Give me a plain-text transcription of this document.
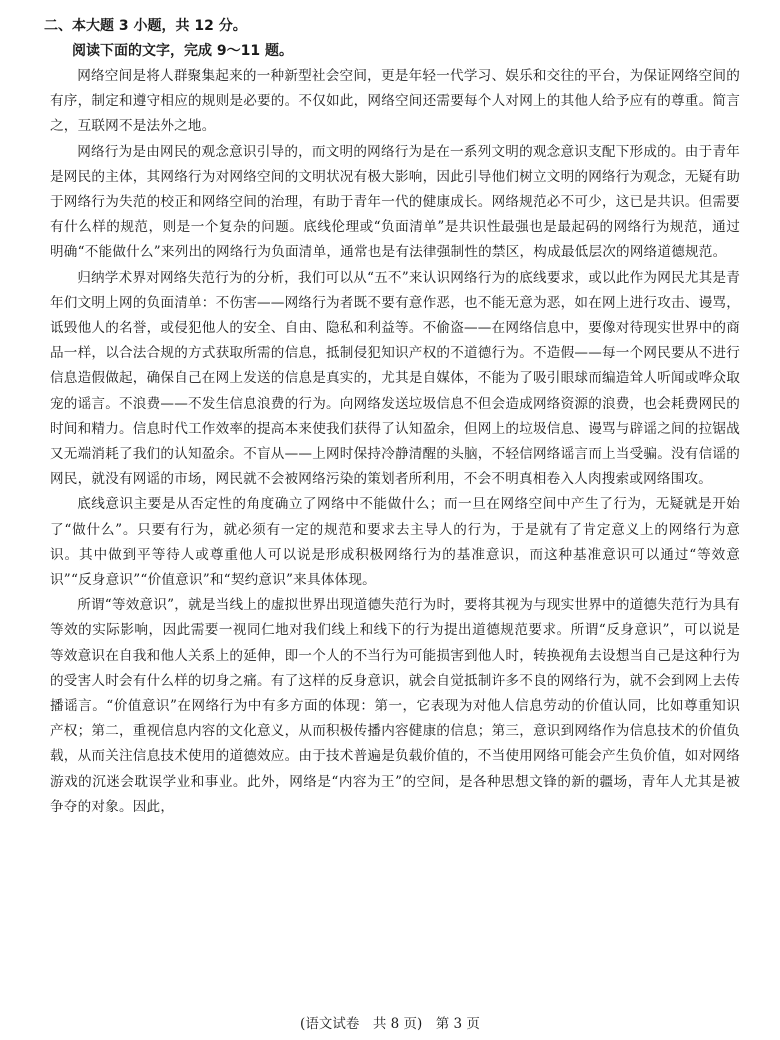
二、本大题 3 小题，共 12 分。
阅读下面的文字，完成 9～11 题。

网络空间是将人群聚集起来的一种新型社会空间，更是年轻一代学习、娱乐和交往的平台，为保证网络空间的有序，制定和遵守相应的规则是必要的。不仅如此，网络空间还需要每个人对网上的其他人给予应有的尊重。简言之，互联网不是法外之地。

网络行为是由网民的观念意识引导的，而文明的网络行为是在一系列文明的观念意识支配下形成的。由于青年是网民的主体，其网络行为对网络空间的文明状况有极大影响，因此引导他们树立文明的网络行为观念，无疑有助于网络行为失范的校正和网络空间的治理，有助于青年一代的健康成长。网络规范必不可少，这已是共识。但需要有什么样的规范，则是一个复杂的问题。底线伦理或“负面清单”是共识性最强也是最起码的网络行为规范，通过明确“不能做什么”来列出的网络行为负面清单，通常也是有法律强制性的禁区，构成最低层次的网络道德规范。

归纳学术界对网络失范行为的分析，我们可以从“五不”来认识网络行为的底线要求，或以此作为网民尤其是青年们文明上网的负面清单：不伤害——网络行为者既不要有意作恶，也不能无意为恶，如在网上进行攻击、谩骂，诋毁他人的名誉，或侵犯他人的安全、自由、隐私和利益等。不偷盗——在网络信息中，要像对待现实世界中的商品一样，以合法合规的方式获取所需的信息，抵制侵犯知识产权的不道德行为。不造假——每一个网民要从不进行信息造假做起，确保自己在网上发送的信息是真实的，尤其是自媒体，不能为了吸引眼球而编造耸人听闻或哗众取宠的谣言。不浪费——不发生信息浪费的行为。向网络发送垃圾信息不但会造成网络资源的浪费，也会耗费网民的时间和精力。信息时代工作效率的提高本来使我们获得了认知盈余，但网上的垃圾信息、谩骂与辟谣之间的拉锯战又无端消耗了我们的认知盈余。不盲从——上网时保持冷静清醒的头脑，不轻信网络谣言而上当受骗。没有信谣的网民，就没有网谣的市场，网民就不会被网络污染的策划者所利用，不会不明真相卷入人肉搜索或网络围攻。

底线意识主要是从否定性的角度确立了网络中不能做什么；而一旦在网络空间中产生了行为，无疑就是开始了“做什么”。只要有行为，就必须有一定的规范和要求去主导人的行为，于是就有了肯定意义上的网络行为意识。其中做到平等待人或尊重他人可以说是形成积极网络行为的基准意识，而这种基准意识可以通过“等效意识”“反身意识”“价值意识”和“契约意识”来具体体现。

所谓“等效意识”，就是当线上的虚拟世界出现道德失范行为时，要将其视为与现实世界中的道德失范行为具有等效的实际影响，因此需要一视同仁地对我们线上和线下的行为提出道德规范要求。所谓“反身意识”，可以说是等效意识在自我和他人关系上的延伸，即一个人的不当行为可能损害到他人时，转换视角去设想当自己是这种行为的受害人时会有什么样的切身之痛。有了这样的反身意识，就会自觉抵制许多不良的网络行为，就不会到网上去传播谣言。“价值意识”在网络行为中有多方面的体现：第一，它表现为对他人信息劳动的价值认同，比如尊重知识产权；第二，重视信息内容的文化意义，从而积极传播内容健康的信息；第三，意识到网络作为信息技术的价值负载，从而关注信息技术使用的道德效应。由于技术普遍是负载价值的，不当使用网络可能会产生负价值，如对网络游戏的沉迷会耽误学业和事业。此外，网络是“内容为王”的空间，是各种思想文锋的新的疆场，青年人尤其是被争夺的对象。因此，

(语文试卷　共 8 页)　第 3 页
